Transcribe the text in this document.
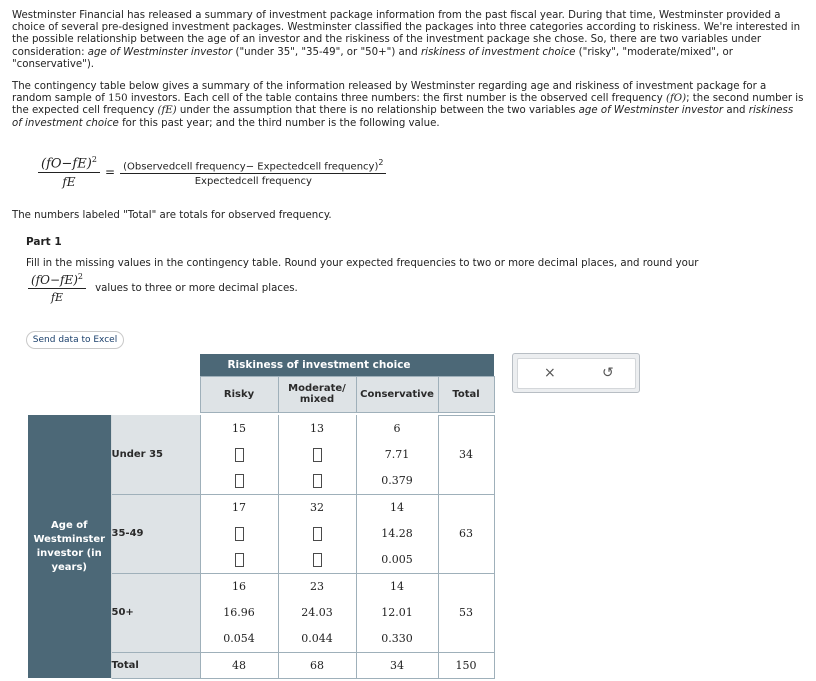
Westminster Financial has released a summary of investment package information from the past fiscal year. During that time, Westminster provided a choice of several pre-designed investment packages. Westminster classified the packages into three categories according to riskiness. We're interested in the possible relationship between the age of an investor and the riskiness of the investment package she chose. So, there are two variables under consideration: age of Westminster investor ("under 35", "35-49", or "50+") and riskiness of investment choice ("risky", "moderate/mixed", or "conservative").
The contingency table below gives a summary of the information released by Westminster regarding age and riskiness of investment package for a random sample of 150 investors. Each cell of the table contains three numbers: the first number is the observed cell frequency (fO); the second number is the expected cell frequency (fE) under the assumption that there is no relationship between the two variables age of Westminster investor and riskiness of investment choice for this past year; and the third number is the following value.
$\frac{(fO-fE)^2}{fE} = \frac{(Observedcell frequency- Expectedcell frequency)^2}{\text{Expectedcell frequency}}$
The numbers labeled "Total" are totals for observed frequency.
Part 1
Fill in the missing values in the contingency table. Round your expected frequencies to two or more decimal places, and round your
$\frac{(fO-fE)^2}{fE}$ values to three or more decimal places.
Send data to Excel
×	↺
		Riskiness of investment choice			
		Risky	Moderate/ mixed	Conservative	Total

Age of Westminster investor (in years)	Under 35	15	13	6	34
				7.71	
				0.379	
	35-49	17	32	14	63
				14.28	
				0.005	
	50+	16	23	14	53
		16.96	24.03	12.01	
		0.054	0.044	0.330	
	Total	48	68	34	150
